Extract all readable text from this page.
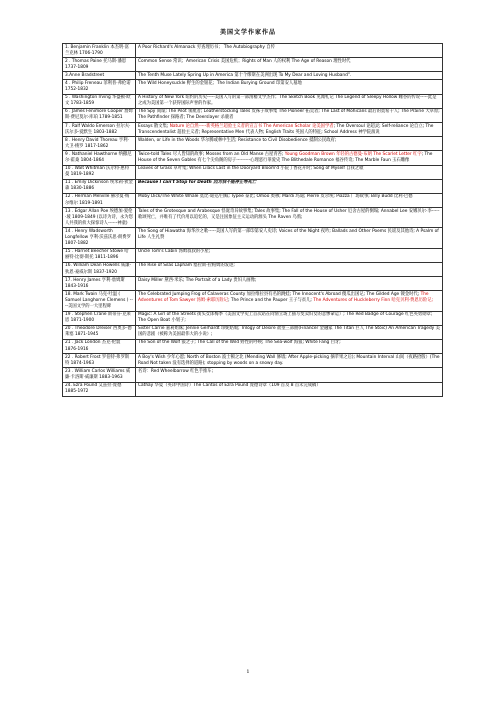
美国文学作家作品
1. Benjamin Franklin 本杰明·富兰克林 1706-1790	A Poor Richard's Almanack 穷查理历书； The Autobiography 自传
2 . Thomas Paine 托马斯·潘恩 1737-1809	Common Sense 常识；American Crisis 美国危机；Rights of Man 人的权利 The Age of Reason 理性时代
3.Anne Bradstreet	The Tenth Muse Lately Spring Up in America 第十个缪斯在美洲出现 To My Dear and Loving Husband".
4 . Philip Freneau 菲利普·弗伦诺 1752-1832	The Wild Honeysuckle 野生的金银花；The Indian Burying Ground 印第安人墓地
5 . Washington Irving 华盛顿·欧文 1783-1859	A History of New York 纽约的历史-----美国人写的第一部滑稽文学杰作；The Sketch Book 见闻札记 The Legend of Sleepy Hollow 睡谷的传说-----此是之成为美国第一个获得国际声誉的作家。
6 . James Fenimore Cooper 詹姆斯·费尼莫尔·库珀 1789-1851	The Spy 间谍; The Pilot 领航者; Leatherstocking Tales 皮袜子故事集 The Pioneer 拓荒者; The Last of Mohicans 最后的莫希干人; The Prairie 大草原; The Pathfinder 探路者; The Deerslayer 杀鹿者
7 . Ralf Waldo Emerson 拉尔夫·沃尔多·爱默生 1803-1882	Essays 散文集; Nature 论自然-----新英格兰超验主义者的宣言书 The American Scholar 论美国学者; The Oversoul 论超灵; Self-reliance 论自立; The Transcendentalist 超验主义者; Representative Men 代表人物; English Traits 英国人的特征; School Address 神学院演说
8 . Henry David Thoreau 亨利·大卫·梭罗 1817-1862	Walden, or Life in the Woods 华尔腾或林中生活; Resistance to Civil Disobedience 抵制公民政府;
9 . Nathaniel Hawthorne 纳撒尼尔·霍桑 1804-1864	Twice-told Tales 尽人皆知的故事; Mosses from an Old Manse 古屋青苔; Young Goodman Brown 年轻的古德曼·布朗 The Scarlet Letter 红字; The House of the Seven Gables 有七个尖角阁的房子---------心理恶行罪爱史 The Blithedale Romance 福谷传奇; The Marble Faun 玉石雕像
10 . Walt Whitman 沃尔特·惠特曼 1819-1892	Leaves of Grass 草叶集; When Lilacs Last in the Dooryard Bloom'd 小院丁香花开时; Song of Myself 自我之歌
11 . Emily Dickinson 埃米莉·狄金森 1830-1886	Because I can't Stop for Death 因为我不能停止等死亡
12 . Herman Melville 赫尔曼·梅尔维尔 1819-1891	Moby Dick/The White Whale 莫比·迪克/白鲸; Typee 泰比; Omoo 奥穆; Mardi 玛迪; Pierre 皮尔埃; Piazza 广场故事; Billy Budd 比利·巴德
13 . Edgar Allan Poe 埃德加·爱伦·坡 1809-1849 (以诗为诗，永为您人共我的侦大探惊诗人------神童)	Tales of the Grotesque and Arabesque 怪诞奇异故事集; Tales 故事集; The Fall of the House of Usher 厄舍古屋的倒塌; Annabel Lee 安娜贝尔·李-----歌颂死亡，并唯有了代价用以追忆的，又是注国象征主义运动的源头 The Raven 乌鸦;
14 . Henry Wadsworth Longfellow 亨利·沃兹沃思·朗费罗 1807-1882	The Song of Hiawatha 海华沙之歌-----美国人写的第一部印第安人史诗; Voices of the Night 夜吟; Ballads and Other Poems 民谣及其他诗; A Psalm of Life 人生礼赞
15 . Harriet Beecher Stowe 哈丽特·比彻·斯托 1811-1896	Uncle Tom's Cabin 汤姆叔叔的小屋;
16. William Dean Howells 威廉·狄恩·豪威尔斯 1837-1920	The Rise of Silas Lapham 塞拉斯·拉帕姆的发迹;
17. Henry James 亨利·詹姆斯 1843-1916	Daisy Miller 黛西·米乐; The Portrait of a Lady 贵妇人画像;
18. Mark Twain 马克·吐温 ( Samuel Langhorne Clemens ) ----美国文学的一大里程碑	The Celebrated Jumping Frog of Calaveras County 加拉维拉县有名的跳蛙; The Innocent's Abroad 傻瓜出国记; The Gilded Age 镀金时代; The Adventures of Tom Sawyer 汤姆·索耶历险记; The Prince and the Pauper 王子与贫儿; The Adventures of Huckleberry Finn 哈克贝利·费恩历险记;
19 . Stephen Crane 斯蒂芬·克莱恩 1871-1900	Magic: A Girl of the Streets 街头女郎梅季（美国文学史上首次站在同情立场上描写变卖妇女的悲惨命运）; The Red Badge of Courage 红色英勇勋章; The Open Boat 小划子;
20 . Theodore Dreiser 西奥多·德莱塞 1871-1945	Sister Carrie 嘉莉姐妹; Jennie Gerhardt 珍妮姑娘; Trilogy of Desire 欲望三部曲(Financer 金融家 The Titan 巨人 The Stoic) An American Tragedy 美国的悲剧（被称为美国最伟大的小说）;
21 . Jack London 杰克·伦敦 1876-1916	The Son of the Wolf 狼之子; The Call of the Wild 野性的呼唤; The Sea-wolf 海狼; White Fang 白牙;
22 . Robert Frost 罗伯特·弗罗斯特 1874-1963	A Boy's Wish 少年心愿; North of Boston 波士顿之北 (Mending Wall 修墙; After Apple-picking 摘苹果之后); Mountain Interval 山间（夜路拾殷）(The Road Not taken 没有选择的道路); stopping by woods on a snowy day.
23 . William Carlos Williams 威廉·卡洛斯·威廉斯 1883-1963	名诗：Red Wheelbarrow 红色手推车;
24. Ezra Pound 艾兹拉·庞德 1885-1972	Cathay 华夏（英译中国诗）The Cantos of Ezra Pound 庞德诗章（109 首及 8 首未完成稿）
1
